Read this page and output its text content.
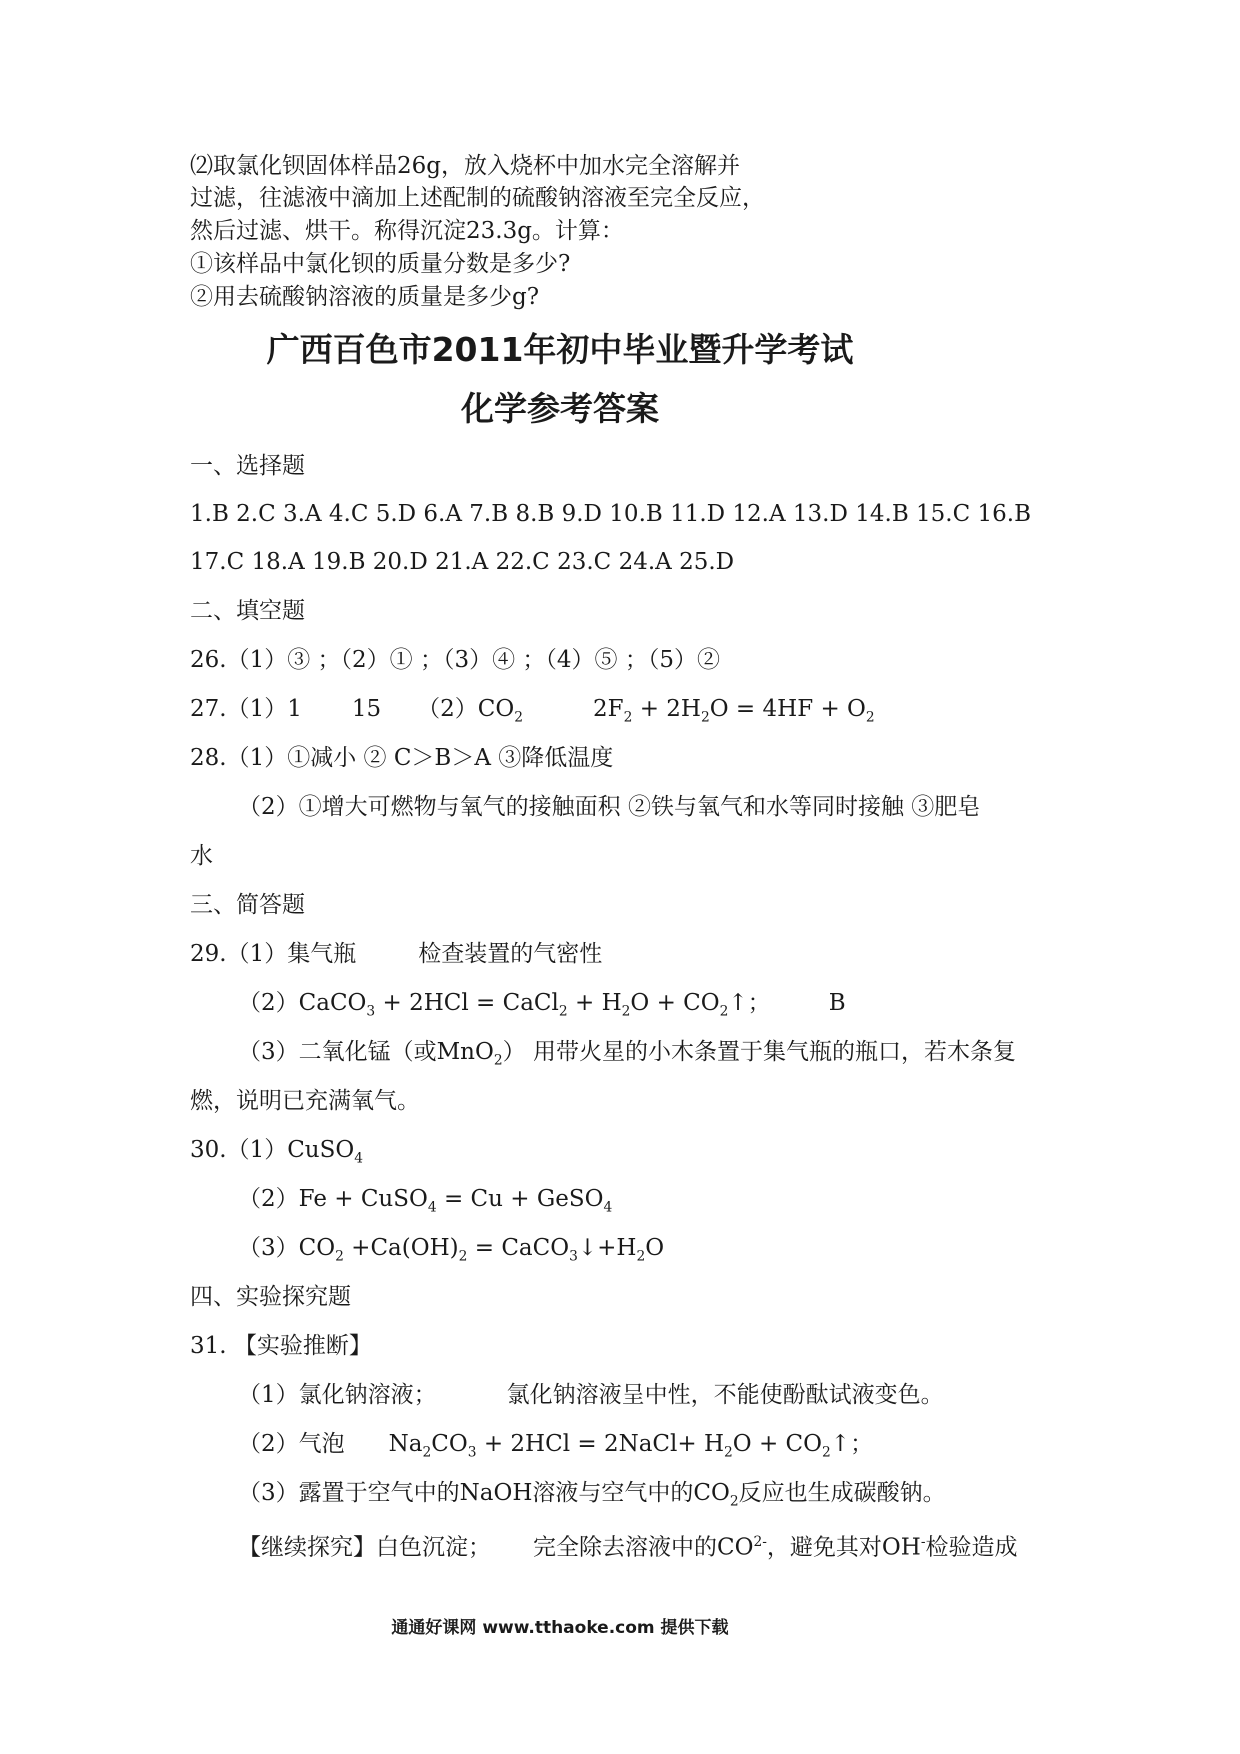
⑵取氯化钡固体样品26g，放入烧杯中加水完全溶解并
过滤，往滤液中滴加上述配制的硫酸钠溶液至完全反应，
然后过滤、烘干。称得沉淀23.3g。计算：
①该样品中氯化钡的质量分数是多少?
②用去硫酸钠溶液的质量是多少g?
广西百色市2011年初中毕业暨升学考试
化学参考答案
一、选择题
1.B 2.C 3.A 4.C 5.D 6.A 7.B 8.B 9.D 10.B 11.D 12.A 13.D 14.B 15.C 16.B
17.C 18.A 19.B 20.D 21.A 22.C 23.C 24.A 25.D
二、填空题
26.（1）③ ；（2）① ；（3）④ ；（4）⑤ ；（5）②
27.（1）1 15 $(2)CO_2$	$2F_2 + 2H_2O = 4HF + O_2$
28.（1）①减小 ② C＞B＞A ③降低温度
（2）①增大可燃物与氧气的接触面积 ②铁与氧气和水等同时接触 ③肥皂
水
三、简答题
29.（1）集气瓶	检查装置的气密性
（2）CaCO$_3$ + 2HCl = CaCl$_2$ + $H_2O$ + $CO_2↑$；	B
（3）二氧化锰（或MnO$_2$） 用带火星的小木条置于集气瓶的瓶口，若木条复
燃，说明已充满氧气。
30.（1）CuSO$_4$
（2）Fe + CuSO$_4$ = Cu + GeSO$_4$
$(3)CO_2 +Ca(OH)_2$ = $CaCO_3↓+H_2O$
四、实验探究题
31. 【实验推断】
（1）氯化钠溶液；	氯化钠溶液呈中性，不能使酚酞试液变色。
（2）气泡 $Na_2CO_3 + 2HCl$ = 2NaCl+ $H_2O$ + $CO_2↑$；
（3）露置于空气中的NaOH溶液与空气中的$CO_2$反应也生成碳酸钠。
【继续探究】白色沉淀； 完全除去溶液中的$CO^{2-}$，避免其对OH-检验造成
通通好课网 www.tthaoke.com 提供下载
